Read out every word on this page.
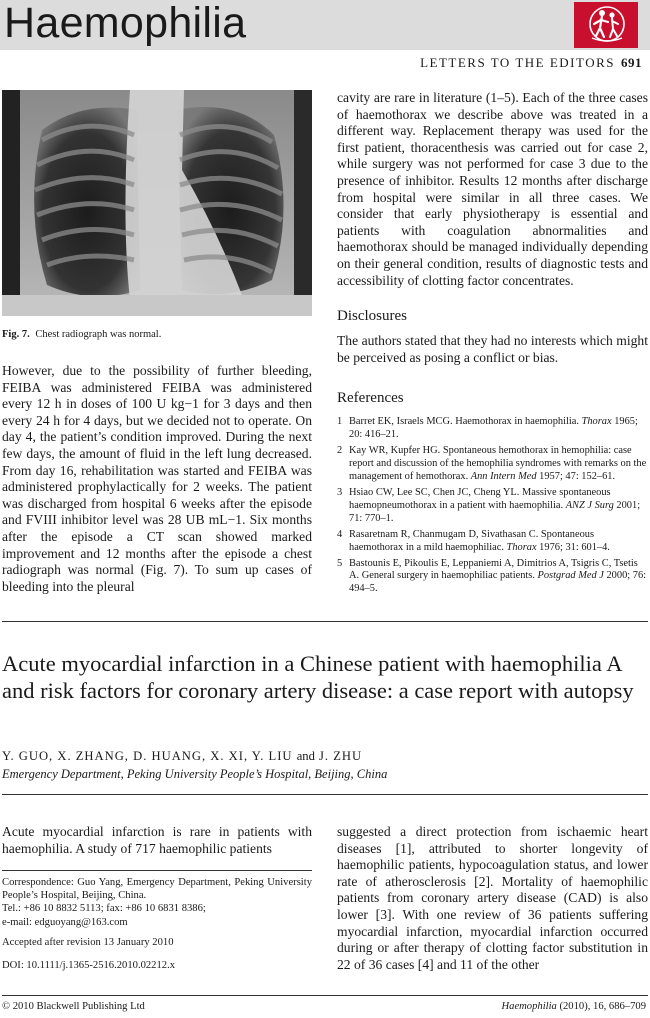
Haemophilia
LETTERS TO THE EDITORS 691
Fig. 7. Chest radiograph was normal.
However, due to the possibility of further bleeding, FEIBA was administered FEIBA was administered every 12 h in doses of 100 U kg−1 for 3 days and then every 24 h for 4 days, but we decided not to operate. On day 4, the patient’s condition improved. During the next few days, the amount of fluid in the left lung decreased. From day 16, rehabilitation was started and FEIBA was administered prophylactically for 2 weeks. The patient was discharged from hospital 6 weeks after the episode and FVIII inhibitor level was 28 UB mL−1. Six months after the episode a CT scan showed marked improvement and 12 months after the episode a chest radiograph was normal (Fig. 7). To sum up cases of bleeding into the pleural
cavity are rare in literature (1–5). Each of the three cases of haemothorax we describe above was treated in a different way. Replacement therapy was used for the first patient, thoracenthesis was carried out for case 2, while surgery was not performed for case 3 due to the presence of inhibitor. Results 12 months after discharge from hospital were similar in all three cases. We consider that early physiotherapy is essential and patients with coagulation abnormalities and haemothorax should be managed individually depending on their general condition, results of diagnostic tests and accessibility of clotting factor concentrates.
Disclosures
The authors stated that they had no interests which might be perceived as posing a conflict or bias.
References
1 Barret EK, Israels MCG. Haemothorax in haemophilia. Thorax 1965; 20: 416–21.
2 Kay WR, Kupfer HG. Spontaneous hemothorax in hemophilia: case report and discussion of the hemophilia syndromes with remarks on the management of hemothorax. Ann Intern Med 1957; 47: 152–61.
3 Hsiao CW, Lee SC, Chen JC, Cheng YL. Massive spontaneous haemopneumothorax in a patient with haemophilia. ANZ J Surg 2001; 71: 770–1.
4 Rasaretnam R, Chanmugam D, Sivathasan C. Spontaneous haemothorax in a mild haemophiliac. Thorax 1976; 31: 601–4.
5 Bastounis E, Pikoulis E, Leppaniemi A, Dimitrios A, Tsigris C, Tsetis A. General surgery in haemophiliac patients. Postgrad Med J 2000; 76: 494–5.
Acute myocardial infarction in a Chinese patient with haemophilia A and risk factors for coronary artery disease: a case report with autopsy
Y. GUO, X. ZHANG, D. HUANG, X. XI, Y. LIU and J. ZHU
Emergency Department, Peking University People’s Hospital, Beijing, China
Acute myocardial infarction is rare in patients with haemophilia. A study of 717 haemophilic patients
suggested a direct protection from ischaemic heart diseases [1], attributed to shorter longevity of haemophilic patients, hypocoagulation status, and lower rate of atherosclerosis [2]. Mortality of haemophilic patients from coronary artery disease (CAD) is also lower [3]. With one review of 36 patients suffering myocardial infarction, myocardial infarction occurred during or after therapy of clotting factor substitution in 22 of 36 cases [4] and 11 of the other
Correspondence: Guo Yang, Emergency Department, Peking University People’s Hospital, Beijing, China.
Tel.: +86 10 8832 5113; fax: +86 10 6831 8386;
e-mail: edguoyang@163.com
Accepted after revision 13 January 2010
DOI: 10.1111/j.1365-2516.2010.02212.x
© 2010 Blackwell Publishing Ltd	Haemophilia (2010), 16, 686–709
